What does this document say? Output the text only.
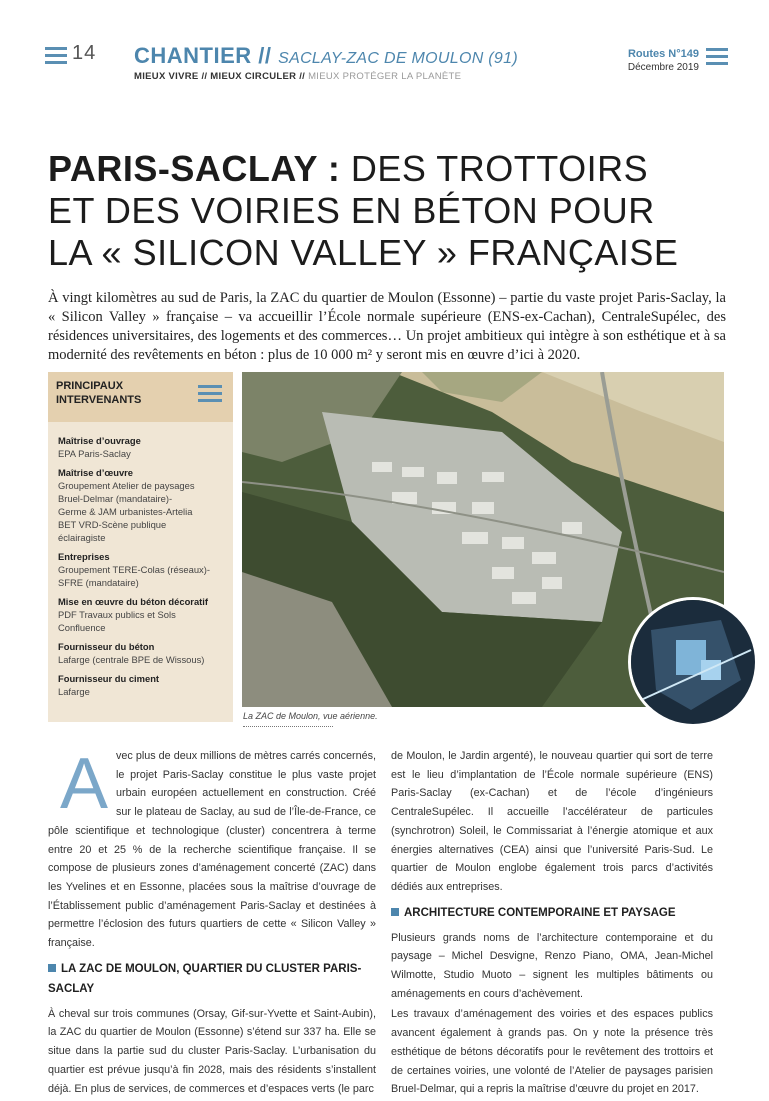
14 CHANTIER // SACLAY-ZAC DE MOULON (91)
MIEUX VIVRE // MIEUX CIRCULER // MIEUX PROTÉGER LA PLANÈTE
Routes N°149
Décembre 2019
PARIS-SACLAY : DES TROTTOIRS
ET DES VOIRIES EN BÉTON POUR
LA « SILICON VALLEY » FRANÇAISE
À vingt kilomètres au sud de Paris, la ZAC du quartier de Moulon (Essonne) – partie du vaste projet Paris-Saclay, la « Silicon Valley » française – va accueillir l’École normale supérieure (ENS-ex-Cachan), CentraleSupélec, des résidences universitaires, des logements et des commerces… Un projet ambitieux qui intègre à son esthétique et à sa modernité des revêtements en béton : plus de 10 000 m² y seront mis en œuvre d’ici à 2020.
PRINCIPAUX INTERVENANTS
Maîtrise d’ouvrage
EPA Paris-Saclay
Maîtrise d’œuvre
Groupement Atelier de paysages
Bruel-Delmar (mandataire)-
Germe & JAM urbanistes-Artelia
BET VRD-Scène publique
éclairagiste
Entreprises
Groupement TERE-Colas (réseaux)-
SFRE (mandataire)
Mise en œuvre du béton décoratif
PDF Travaux publics et Sols
Confluence
Fournisseur du béton
Lafarge (centrale BPE de Wissous)
Fournisseur du ciment
Lafarge
La ZAC de Moulon, vue aérienne.
A vec plus de deux millions de mètres carrés concernés, le projet Paris-Saclay constitue le plus vaste projet urbain européen actuellement en construction. Créé sur le plateau de Saclay, au sud de l’Île-de-France, ce pôle scientifique et technologique (cluster) concentrera à terme entre 20 et 25 % de la recherche scientifique française. Il se compose de plusieurs zones d’aménagement concerté (ZAC) dans les Yvelines et en Essonne, placées sous la maîtrise d’ouvrage de l’Établissement public d’aménagement Paris-Saclay et destinées à permettre l’éclosion des futurs quartiers de cette « Silicon Valley » française.

LA ZAC DE MOULON, QUARTIER DU CLUSTER PARIS-SACLAY

À cheval sur trois communes (Orsay, Gif-sur-Yvette et Saint-Aubin), la ZAC du quartier de Moulon (Essonne) s’étend sur 337 ha. Elle se situe dans la partie sud du cluster Paris-Saclay. L’urbanisation du quartier est prévue jusqu’à fin 2028, mais des résidents s’installent déjà. En plus de services, de commerces et d’espaces verts (le parc

de Moulon, le Jardin argenté), le nouveau quartier qui sort de terre est le lieu d’implantation de l’École normale supérieure (ENS) Paris-Saclay (ex-Cachan) et de l’école d’ingénieurs CentraleSupélec. Il accueille l’accélérateur de particules (synchrotron) Soleil, le Commissariat à l’énergie atomique et aux énergies alternatives (CEA) ainsi que l’université Paris-Sud. Le quartier de Moulon englobe également trois parcs d’activités dédiés aux entreprises.

ARCHITECTURE CONTEMPORAINE ET PAYSAGE

Plusieurs grands noms de l’architecture contemporaine et du paysage – Michel Desvigne, Renzo Piano, OMA, Jean-Michel Wilmotte, Studio Muoto – signent les multiples bâtiments ou aménagements en cours d’achèvement.

Les travaux d’aménagement des voiries et des espaces publics avancent également à grands pas. On y note la présence très esthétique de bétons décoratifs pour le revêtement des trottoirs et de certaines voiries, une volonté de l’Atelier de paysages parisien Bruel-Delmar, qui a repris la maîtrise d’œuvre du projet en 2017.
